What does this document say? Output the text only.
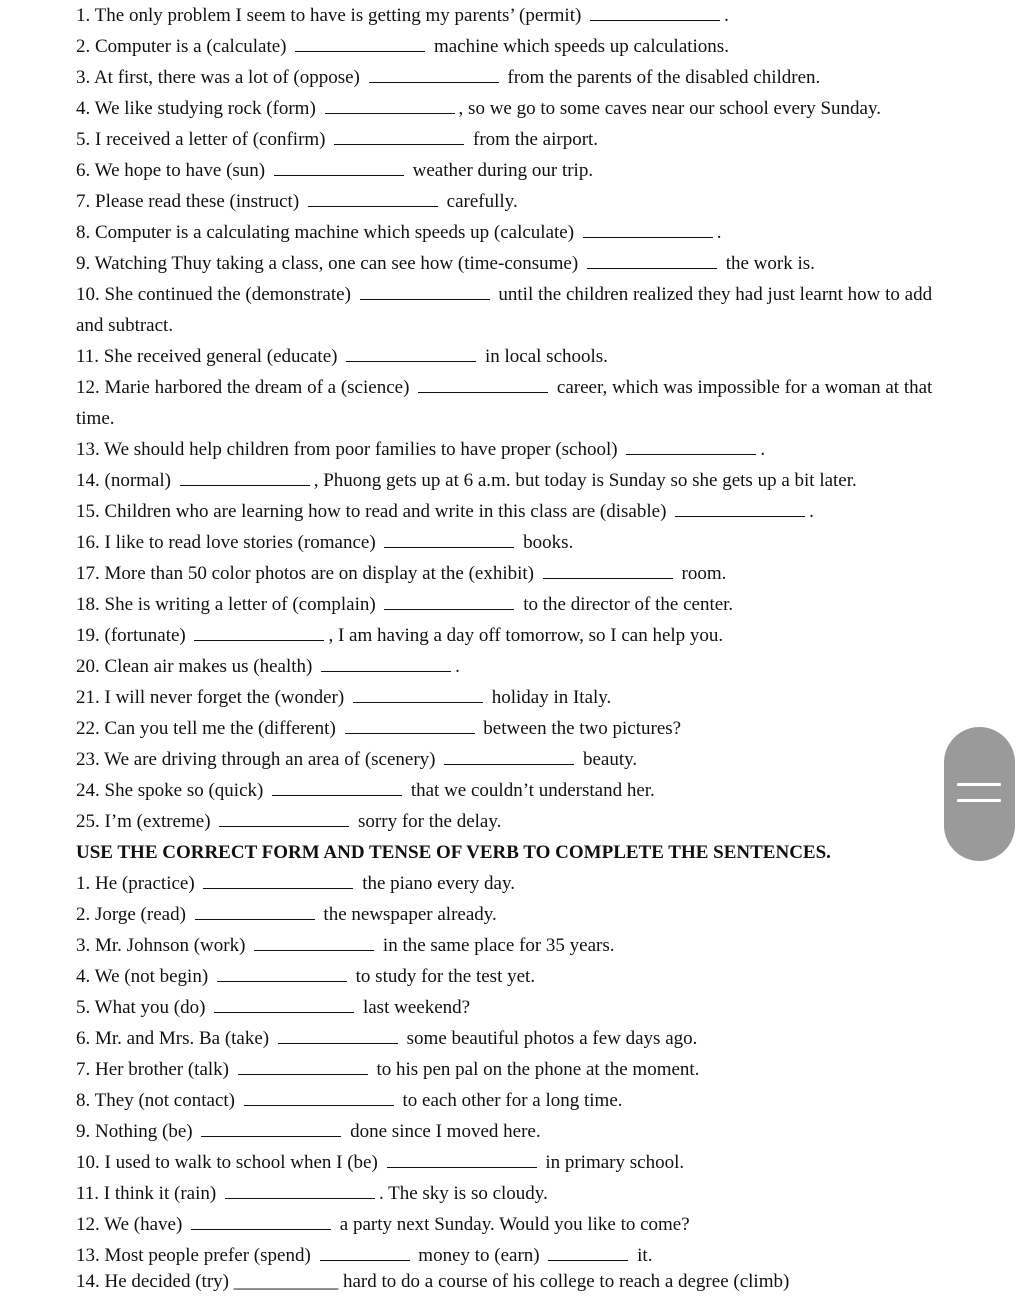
1. The only problem I seem to have is getting my parents’ (permit)	.
2. Computer is a (calculate)	machine which speeds up calculations.
3. At first, there was a lot of (oppose)	from the parents of the disabled children.
4. We like studying rock (form)	, so we go to some caves near our school every Sunday.
5. I received a letter of (confirm)	from the airport.
6. We hope to have (sun)	weather during our trip.
7. Please read these (instruct)	carefully.
8. Computer is a calculating machine which speeds up (calculate)	.
9. Watching Thuy taking a class, one can see how (time-consume)	the work is.
10. She continued the (demonstrate)	until the children realized they had just learnt how to add and subtract.
11. She received general (educate)	in local schools.
12. Marie harbored the dream of a (science)	career, which was impossible for a woman at that time.
13. We should help children from poor families to have proper (school)	.
14. (normal)	, Phuong gets up at 6 a.m. but today is Sunday so she gets up a bit later.
15. Children who are learning how to read and write in this class are (disable)	.
16. I like to read love stories (romance)	books.
17. More than 50 color photos are on display at the (exhibit)	room.
18. She is writing a letter of (complain)	to the director of the center.
19. (fortunate)	, I am having a day off tomorrow, so I can help you.
20. Clean air makes us (health)	.
21. I will never forget the (wonder)	holiday in Italy.
22. Can you tell me the (different)	between the two pictures?
23. We are driving through an area of (scenery)	beauty.
24. She spoke so (quick)	that we couldn’t understand her.
25. I’m (extreme)	sorry for the delay.
USE THE CORRECT FORM AND TENSE OF VERB TO COMPLETE THE SENTENCES.
1. He (practice)	the piano every day.
2. Jorge (read)	the newspaper already.
3. Mr. Johnson (work)	in the same place for 35 years.
4. We (not begin)	to study for the test yet.
5. What you (do)	last weekend?
6. Mr. and Mrs. Ba (take)	some beautiful photos a few days ago.
7. Her brother (talk)	to his pen pal on the phone at the moment.
8. They (not contact)	to each other for a long time.
9. Nothing (be)	done since I moved here.
10. I used to walk to school when I (be)	in primary school.
11. I think it (rain)	. The sky is so cloudy.
12. We (have)	a party next Sunday. Would you like to come?
13. Most people prefer (spend)	money to (earn)	it.
14. He decided (try) ___________ hard to do a course of his college to reach a degree (climb)
